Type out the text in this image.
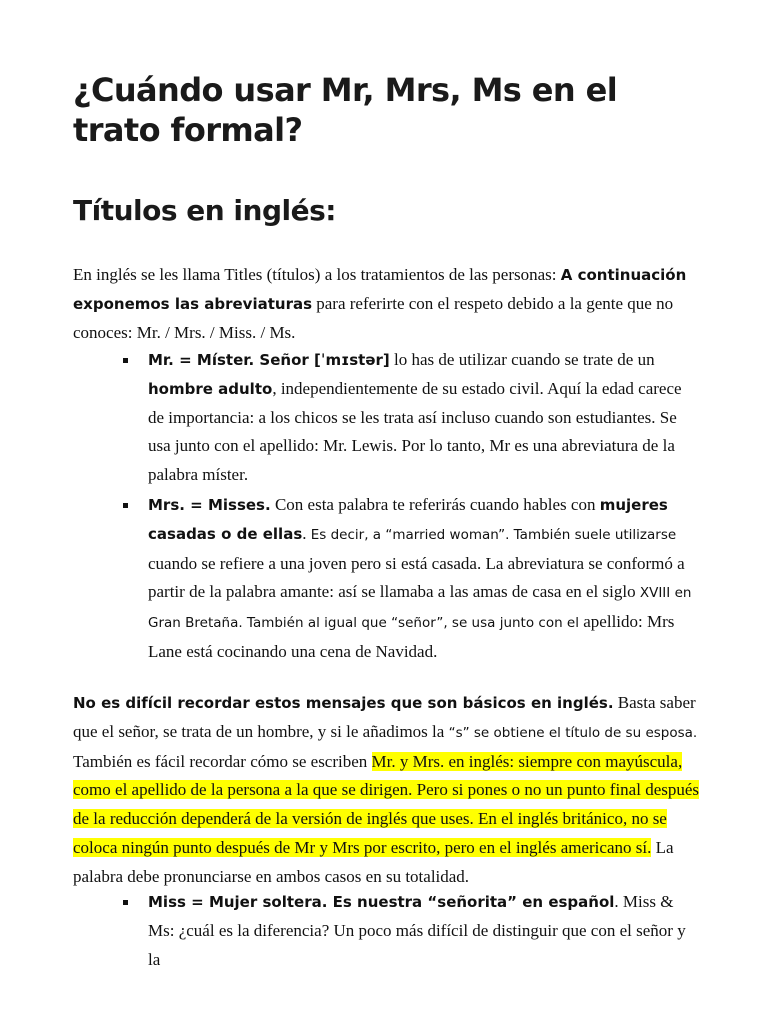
¿Cuándo usar Mr, Mrs, Ms en el trato formal?
Títulos en inglés:

En inglés se les llama Titles (títulos) a los tratamientos de las personas: A continuación exponemos las abreviaturas para referirte con el respeto debido a la gente que no conoces: Mr. / Mrs. / Miss. / Ms.

Mr. = Míster. Señor [ˈmɪstər] lo has de utilizar cuando se trate de un hombre adulto, independientemente de su estado civil. Aquí la edad carece de importancia: a los chicos se les trata así incluso cuando son estudiantes. Se usa junto con el apellido: Mr. Lewis. Por lo tanto, Mr es una abreviatura de la palabra míster.
Mrs. = Misses. Con esta palabra te referirás cuando hables con mujeres casadas o de ellas. Es decir, a “married woman”. También suele utilizarse cuando se refiere a una joven pero si está casada. La abreviatura se conformó a partir de la palabra amante: así se llamaba a las amas de casa en el siglo XVIII en Gran Bretaña. También al igual que “señor”, se usa junto con el apellido: Mrs Lane está cocinando una cena de Navidad.

No es difícil recordar estos mensajes que son básicos en inglés. Basta saber que el señor, se trata de un hombre, y si le añadimos la “s” se obtiene el título de su esposa. También es fácil recordar cómo se escriben Mr. y Mrs. en inglés: siempre con mayúscula, como el apellido de la persona a la que se dirigen. Pero si pones o no un punto final después de la reducción dependerá de la versión de inglés que uses. En el inglés británico, no se coloca ningún punto después de Mr y Mrs por escrito, pero en el inglés americano sí. La palabra debe pronunciarse en ambos casos en su totalidad.

Miss = Mujer soltera. Es nuestra “señorita” en español. Miss & Ms: ¿cuál es la diferencia? Un poco más difícil de distinguir que con el señor y la
